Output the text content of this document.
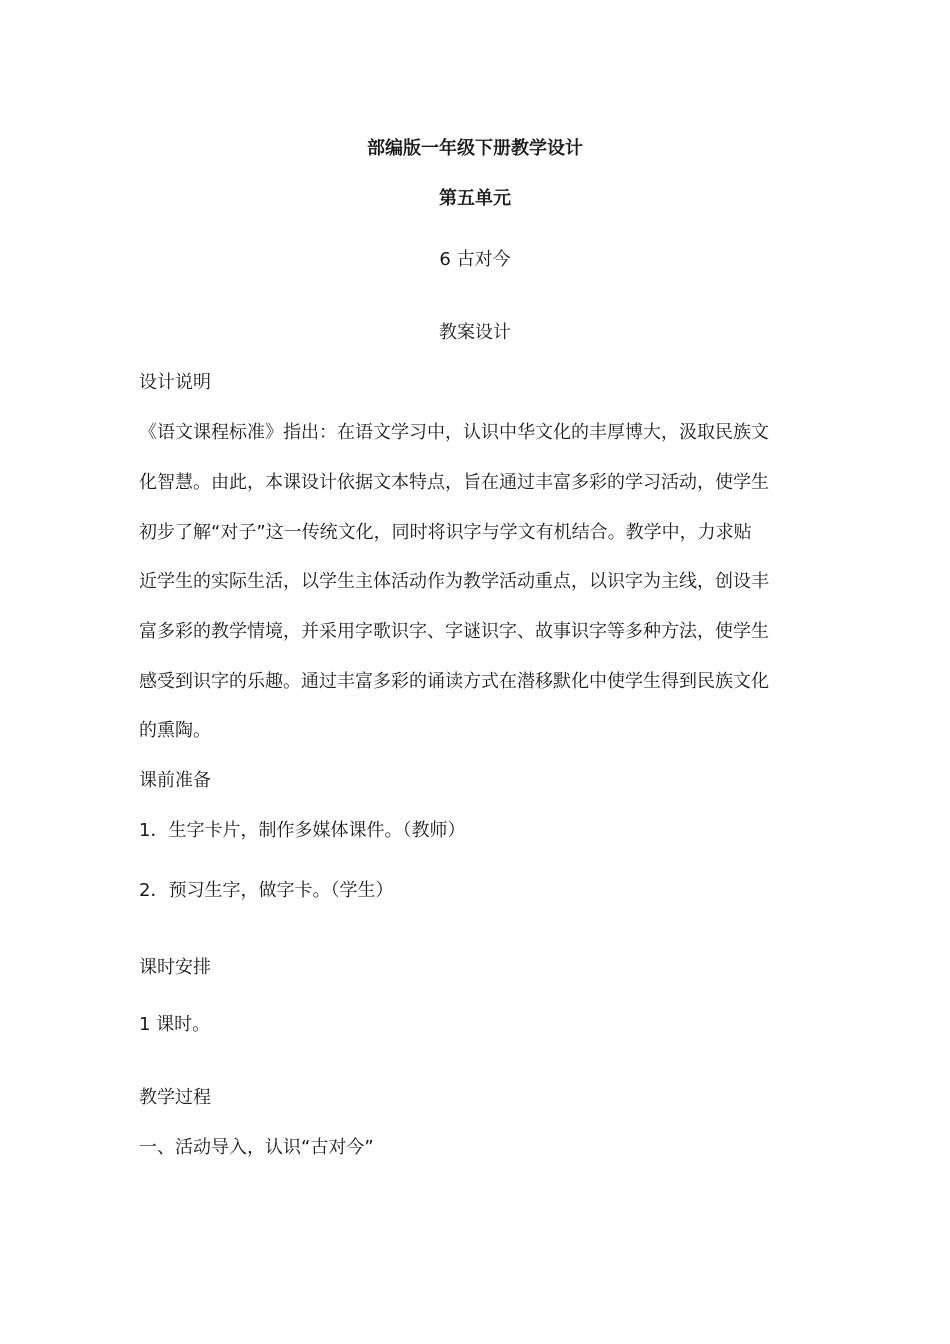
部编版一年级下册教学设计
第五单元
6 古对今
教案设计
设计说明
《语文课程标准》指出：在语文学习中，认识中华文化的丰厚博大，汲取民族文
化智慧。由此，本课设计依据文本特点，旨在通过丰富多彩的学习活动，使学生
初步了解“对子”这一传统文化，同时将识字与学文有机结合。教学中，力求贴
近学生的实际生活，以学生主体活动作为教学活动重点，以识字为主线，创设丰
富多彩的教学情境，并采用字歌识字、字谜识字、故事识字等多种方法，使学生
感受到识字的乐趣。通过丰富多彩的诵读方式在潜移默化中使学生得到民族文化
的熏陶。
课前准备
1．生字卡片，制作多媒体课件。（教师）
2．预习生字，做字卡。（学生）
课时安排
1 课时。
教学过程
一、活动导入，认识“古对今”
